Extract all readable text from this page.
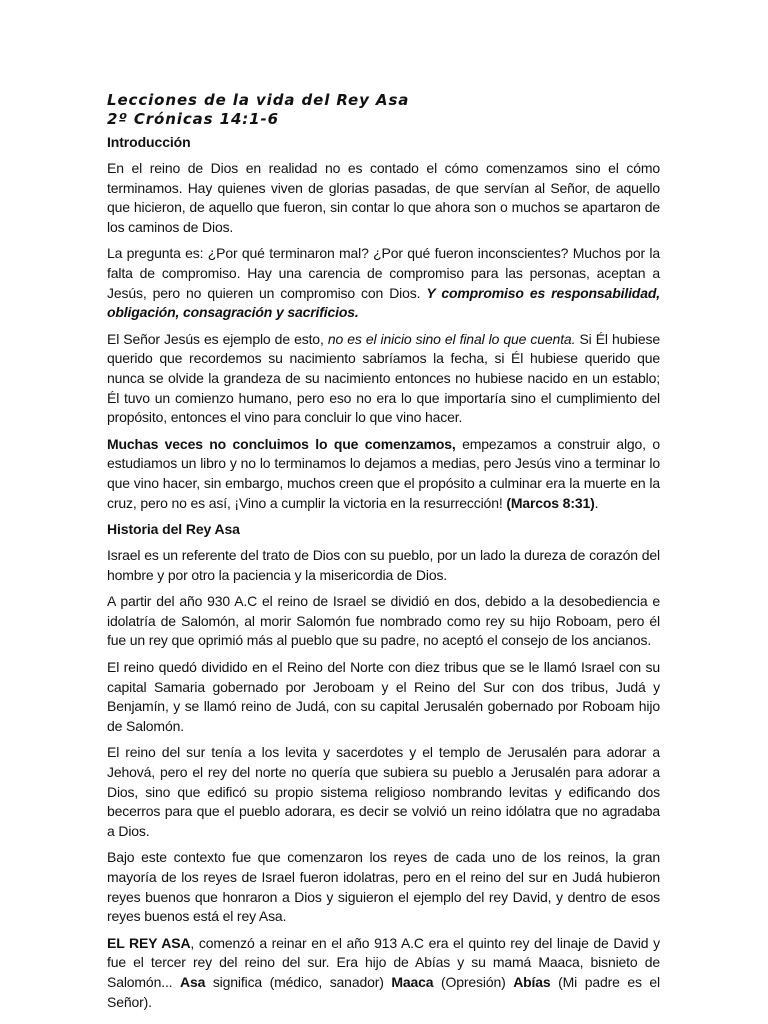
Lecciones de la vida del Rey Asa
2º Crónicas 14:1-6
Introducción

En el reino de Dios en realidad no es contado el cómo comenzamos sino el cómo terminamos. Hay quienes viven de glorias pasadas, de que servían al Señor, de aquello que hicieron, de aquello que fueron, sin contar lo que ahora son o muchos se apartaron de los caminos de Dios.

La pregunta es: ¿Por qué terminaron mal? ¿Por qué fueron inconscientes? Muchos por la falta de compromiso. Hay una carencia de compromiso para las personas, aceptan a Jesús, pero no quieren un compromiso con Dios. Y compromiso es responsabilidad, obligación, consagración y sacrificios.

El Señor Jesús es ejemplo de esto, no es el inicio sino el final lo que cuenta. Si Él hubiese querido que recordemos su nacimiento sabríamos la fecha, si Él hubiese querido que nunca se olvide la grandeza de su nacimiento entonces no hubiese nacido en un establo; Él tuvo un comienzo humano, pero eso no era lo que importaría sino el cumplimiento del propósito, entonces el vino para concluir lo que vino hacer.

Muchas veces no concluimos lo que comenzamos, empezamos a construir algo, o estudiamos un libro y no lo terminamos lo dejamos a medias, pero Jesús vino a terminar lo que vino hacer, sin embargo, muchos creen que el propósito a culminar era la muerte en la cruz, pero no es así, ¡Vino a cumplir la victoria en la resurrección! (Marcos 8:31).

Historia del Rey Asa

Israel es un referente del trato de Dios con su pueblo, por un lado la dureza de corazón del hombre y por otro la paciencia y la misericordia de Dios.

A partir del año 930 A.C el reino de Israel se dividió en dos, debido a la desobediencia e idolatría de Salomón, al morir Salomón fue nombrado como rey su hijo Roboam, pero él fue un rey que oprimió más al pueblo que su padre, no aceptó el consejo de los ancianos.

El reino quedó dividido en el Reino del Norte con diez tribus que se le llamó Israel con su capital Samaria gobernado por Jeroboam y el Reino del Sur con dos tribus, Judá y Benjamín, y se llamó reino de Judá, con su capital Jerusalén gobernado por Roboam hijo de Salomón.

El reino del sur tenía a los levita y sacerdotes y el templo de Jerusalén para adorar a Jehová, pero el rey del norte no quería que subiera su pueblo a Jerusalén para adorar a Dios, sino que edificó su propio sistema religioso nombrando levitas y edificando dos becerros para que el pueblo adorara, es decir se volvió un reino idólatra que no agradaba a Dios.

Bajo este contexto fue que comenzaron los reyes de cada uno de los reinos, la gran mayoría de los reyes de Israel fueron idolatras, pero en el reino del sur en Judá hubieron reyes buenos que honraron a Dios y siguieron el ejemplo del rey David, y dentro de esos reyes buenos está el rey Asa.

EL REY ASA, comenzó a reinar en el año 913 A.C era el quinto rey del linaje de David y fue el tercer rey del reino del sur. Era hijo de Abías y su mamá Maaca, bisnieto de Salomón... Asa significa (médico, sanador) Maaca (Opresión) Abías (Mi padre es el Señor).
